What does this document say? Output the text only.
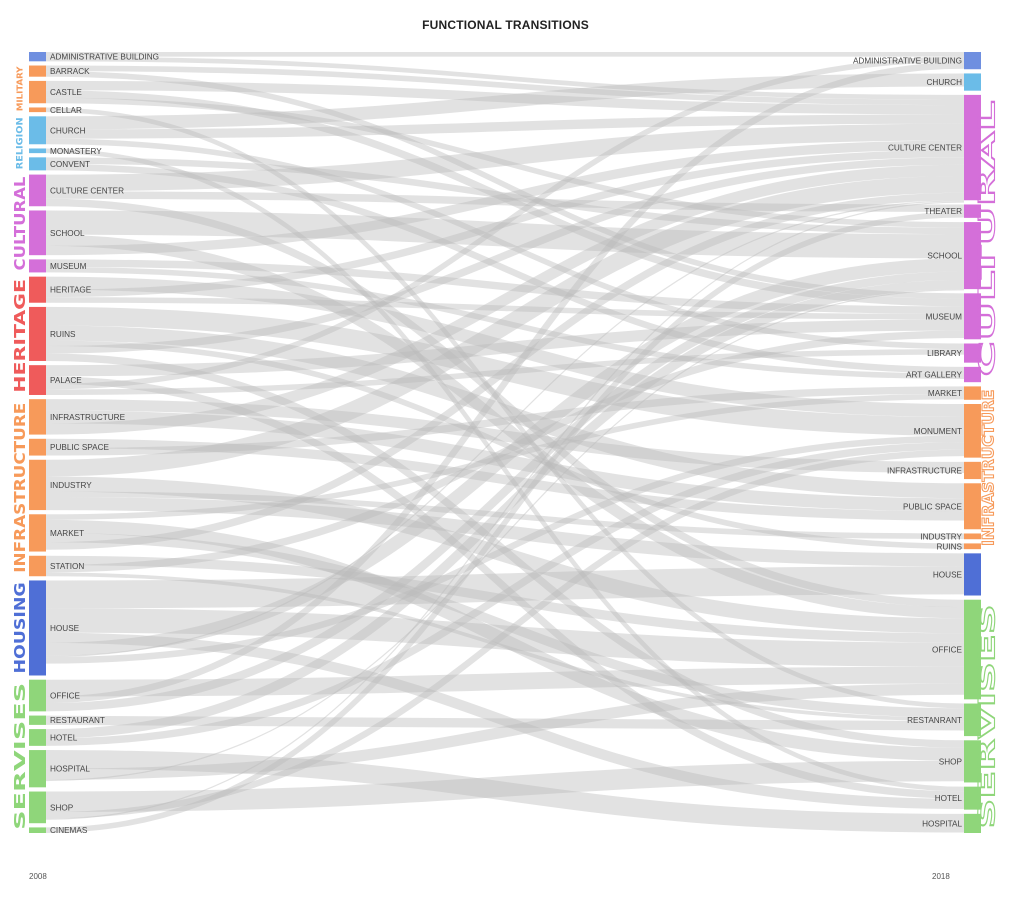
FUNCTIONAL TRANSITIONS
ADMINISTRATIVE BUILDING
BARRACK
CASTLE
CELLAR
CHURCH
MONASTERY
CONVENT
CULTURE CENTER
SCHOOL
MUSEUM
HERITAGE
RUINS
PALACE
INFRASTRUCTURE
PUBLIC SPACE
INDUSTRY
MARKET
STATION
HOUSE
OFFICE
RESTAURANT
HOTEL
HOSPITAL
SHOP
CINEMAS
ADMINISTRATIVE BUILDING
CHURCH
CULTURE CENTER
THEATER
SCHOOL
MUSEUM
LIBRARY
ART GALLERY
MARKET
MONUMENT
INFRASTRUCTURE
PUBLIC SPACE
INDUSTRY
RUINS
HOUSE
OFFICE
RESTANRANT
SHOP
HOTEL
HOSPITAL
MILITARY
RELIGION
CULTURAL
HERITAGE
INFRASTRUCTURE
HOUSING
SERVISES
CULTURAL
INFRASTRUCTURE
SERVISES
2008	2018
